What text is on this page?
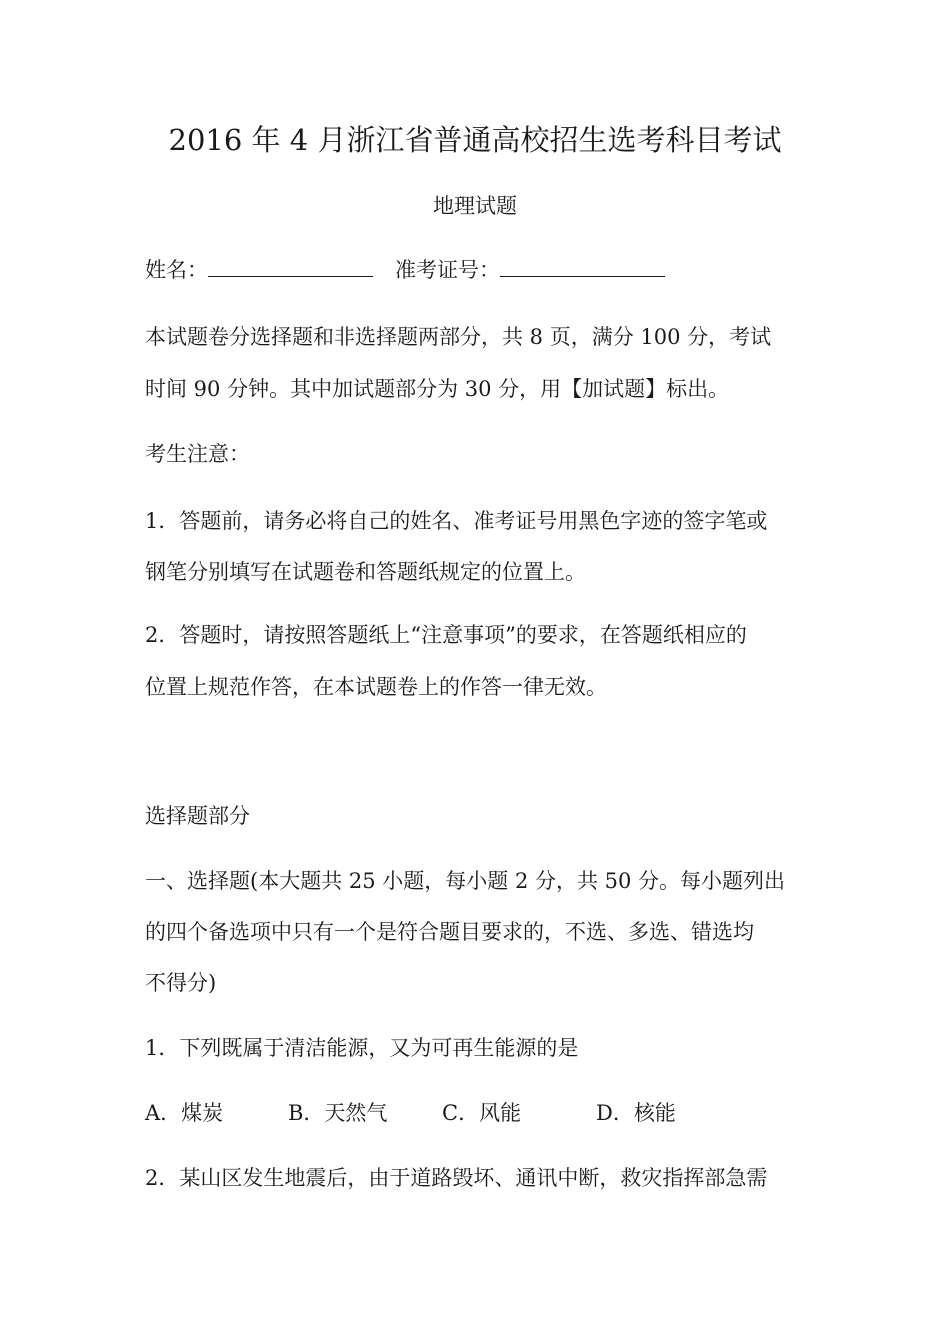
2016 年 4 月浙江省普通高校招生选考科目考试
地理试题
姓名：	准考证号：
本试题卷分选择题和非选择题两部分，共 8 页，满分 100 分，考试
时间 90 分钟。其中加试题部分为 30 分，用【加试题】标出。
考生注意：
1．答题前，请务必将自己的姓名、准考证号用黑色字迹的签字笔或
钢笔分别填写在试题卷和答题纸规定的位置上。
2．答题时，请按照答题纸上“注意事项”的要求，在答题纸相应的
位置上规范作答，在本试题卷上的作答一律无效。
选择题部分
一、选择题(本大题共 25 小题，每小题 2 分，共 50 分。每小题列出
的四个备选项中只有一个是符合题目要求的，不选、多选、错选均
不得分)
1．下列既属于清洁能源，又为可再生能源的是
A．煤炭	B．天然气	C．风能	D．核能
2．某山区发生地震后，由于道路毁坏、通讯中断，救灾指挥部急需
